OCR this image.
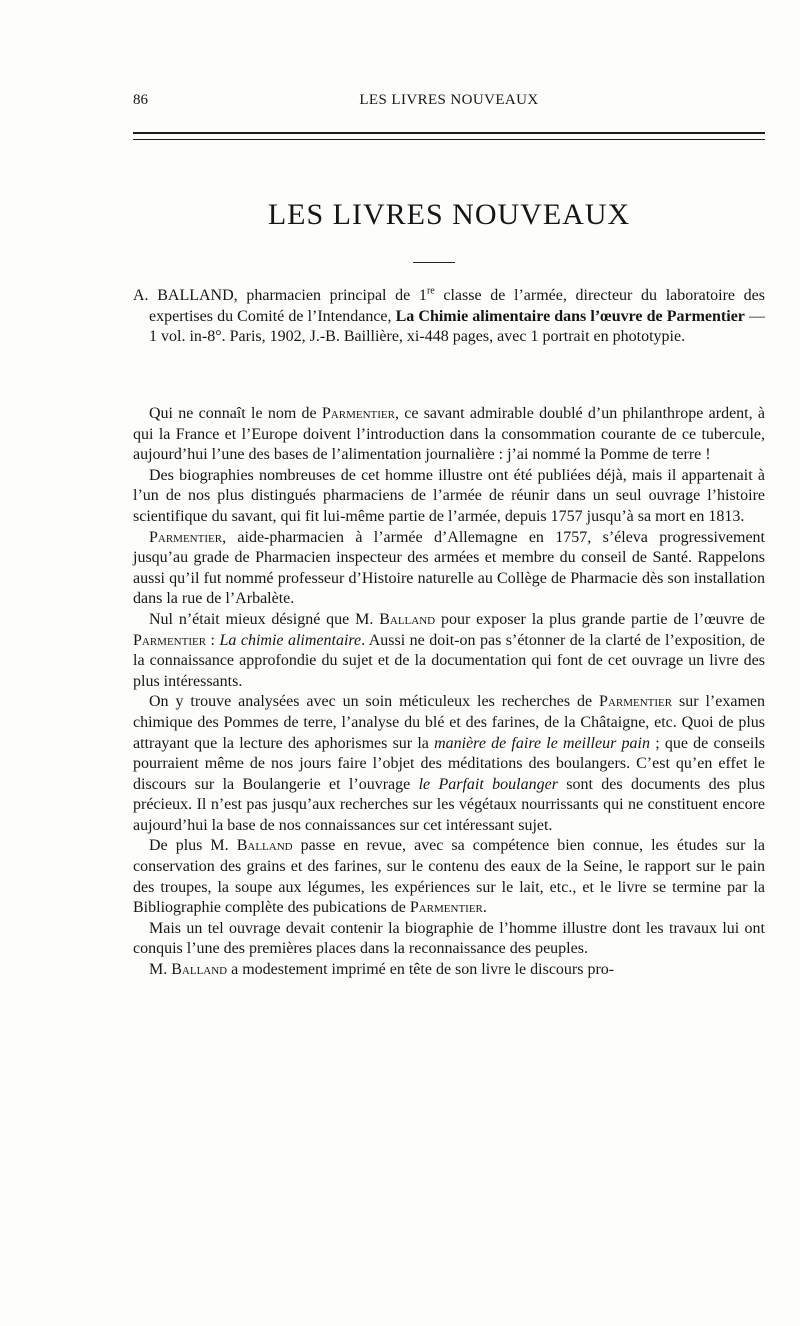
86	LES LIVRES NOUVEAUX
LES LIVRES NOUVEAUX
A. BALLAND, pharmacien principal de 1re classe de l’armée, directeur du laboratoire des expertises du Comité de l’Intendance, La Chimie alimentaire dans l’œuvre de Parmentier — 1 vol. in-8°. Paris, 1902, J.-B. Baillière, xi-448 pages, avec 1 portrait en phototypie.

Qui ne connaît le nom de Parmentier, ce savant admirable doublé d’un philanthrope ardent, à qui la France et l’Europe doivent l’introduction dans la consommation courante de ce tubercule, aujourd’hui l’une des bases de l’alimentation journalière : j’ai nommé la Pomme de terre !

Des biographies nombreuses de cet homme illustre ont été publiées déjà, mais il appartenait à l’un de nos plus distingués pharmaciens de l’armée de réunir dans un seul ouvrage l’histoire scientifique du savant, qui fit lui-même partie de l’armée, depuis 1757 jusqu’à sa mort en 1813.

Parmentier, aide-pharmacien à l’armée d’Allemagne en 1757, s’éleva progressivement jusqu’au grade de Pharmacien inspecteur des armées et membre du conseil de Santé. Rappelons aussi qu’il fut nommé professeur d’Histoire naturelle au Collège de Pharmacie dès son installation dans la rue de l’Arbalète.

Nul n’était mieux désigné que M. Balland pour exposer la plus grande partie de l’œuvre de Parmentier : La chimie alimentaire. Aussi ne doit-on pas s’étonner de la clarté de l’exposition, de la connaissance approfondie du sujet et de la documentation qui font de cet ouvrage un livre des plus intéressants.

On y trouve analysées avec un soin méticuleux les recherches de Parmentier sur l’examen chimique des Pommes de terre, l’analyse du blé et des farines, de la Châtaigne, etc. Quoi de plus attrayant que la lecture des aphorismes sur la manière de faire le meilleur pain ; que de conseils pourraient même de nos jours faire l’objet des méditations des boulangers. C’est qu’en effet le discours sur la Boulangerie et l’ouvrage le Parfait boulanger sont des documents des plus précieux. Il n’est pas jusqu’aux recherches sur les végétaux nourrissants qui ne constituent encore aujourd’hui la base de nos connaissances sur cet intéressant sujet.

De plus M. Balland passe en revue, avec sa compétence bien connue, les études sur la conservation des grains et des farines, sur le contenu des eaux de la Seine, le rapport sur le pain des troupes, la soupe aux légumes, les expériences sur le lait, etc., et le livre se termine par la Bibliographie complète des pubications de Parmentier.

Mais un tel ouvrage devait contenir la biographie de l’homme illustre dont les travaux lui ont conquis l’une des premières places dans la reconnaissance des peuples.

M. Balland a modestement imprimé en tête de son livre le discours pro-
